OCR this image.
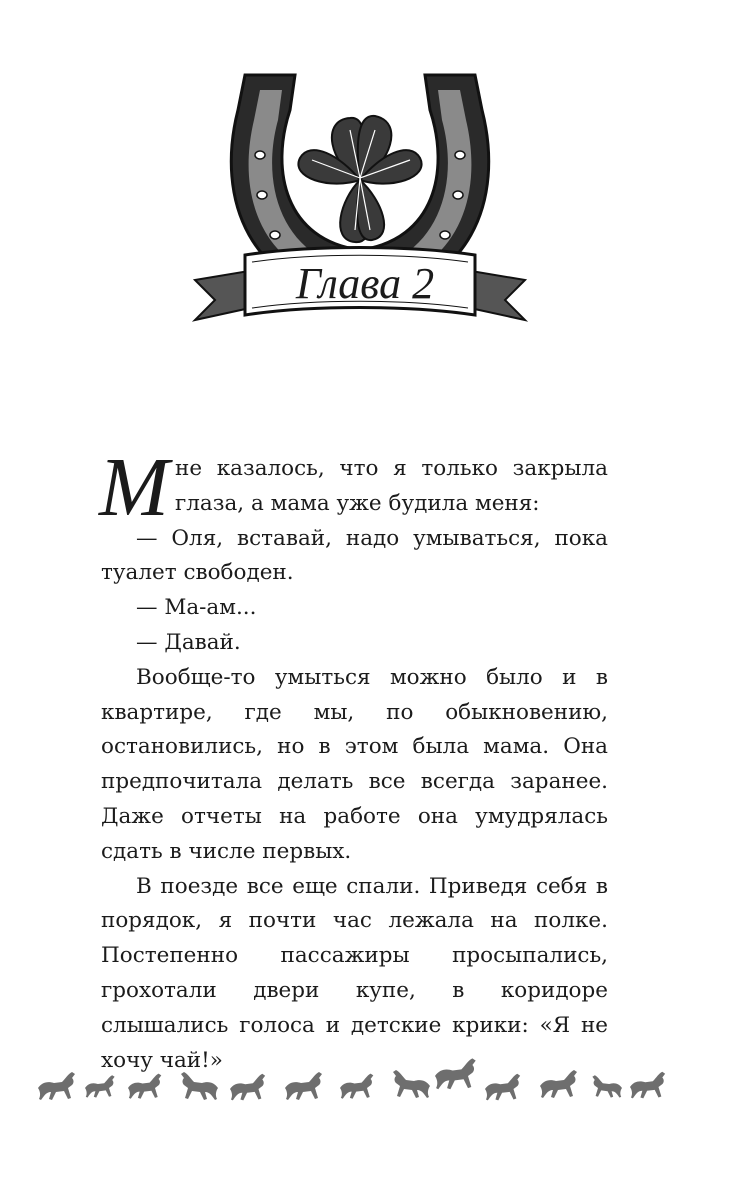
Глава 2

Мне казалось, что я только закрыла глаза, а мама уже будила меня:

— Оля, вставай, надо умываться, пока туалет свободен.

— Ма-ам...

— Давай.

Вообще-то умыться можно было и в квартире, где мы, по обыкновению, остановились, но в этом была мама. Она предпочитала делать все всегда заранее. Даже отчеты на работе она умудрялась сдать в числе первых.

В поезде все еще спали. Приведя себя в порядок, я почти час лежала на полке. Постепенно пассажиры просыпались, грохотали двери купе, в коридоре слышались голоса и детские крики: «Я не хочу чай!»
